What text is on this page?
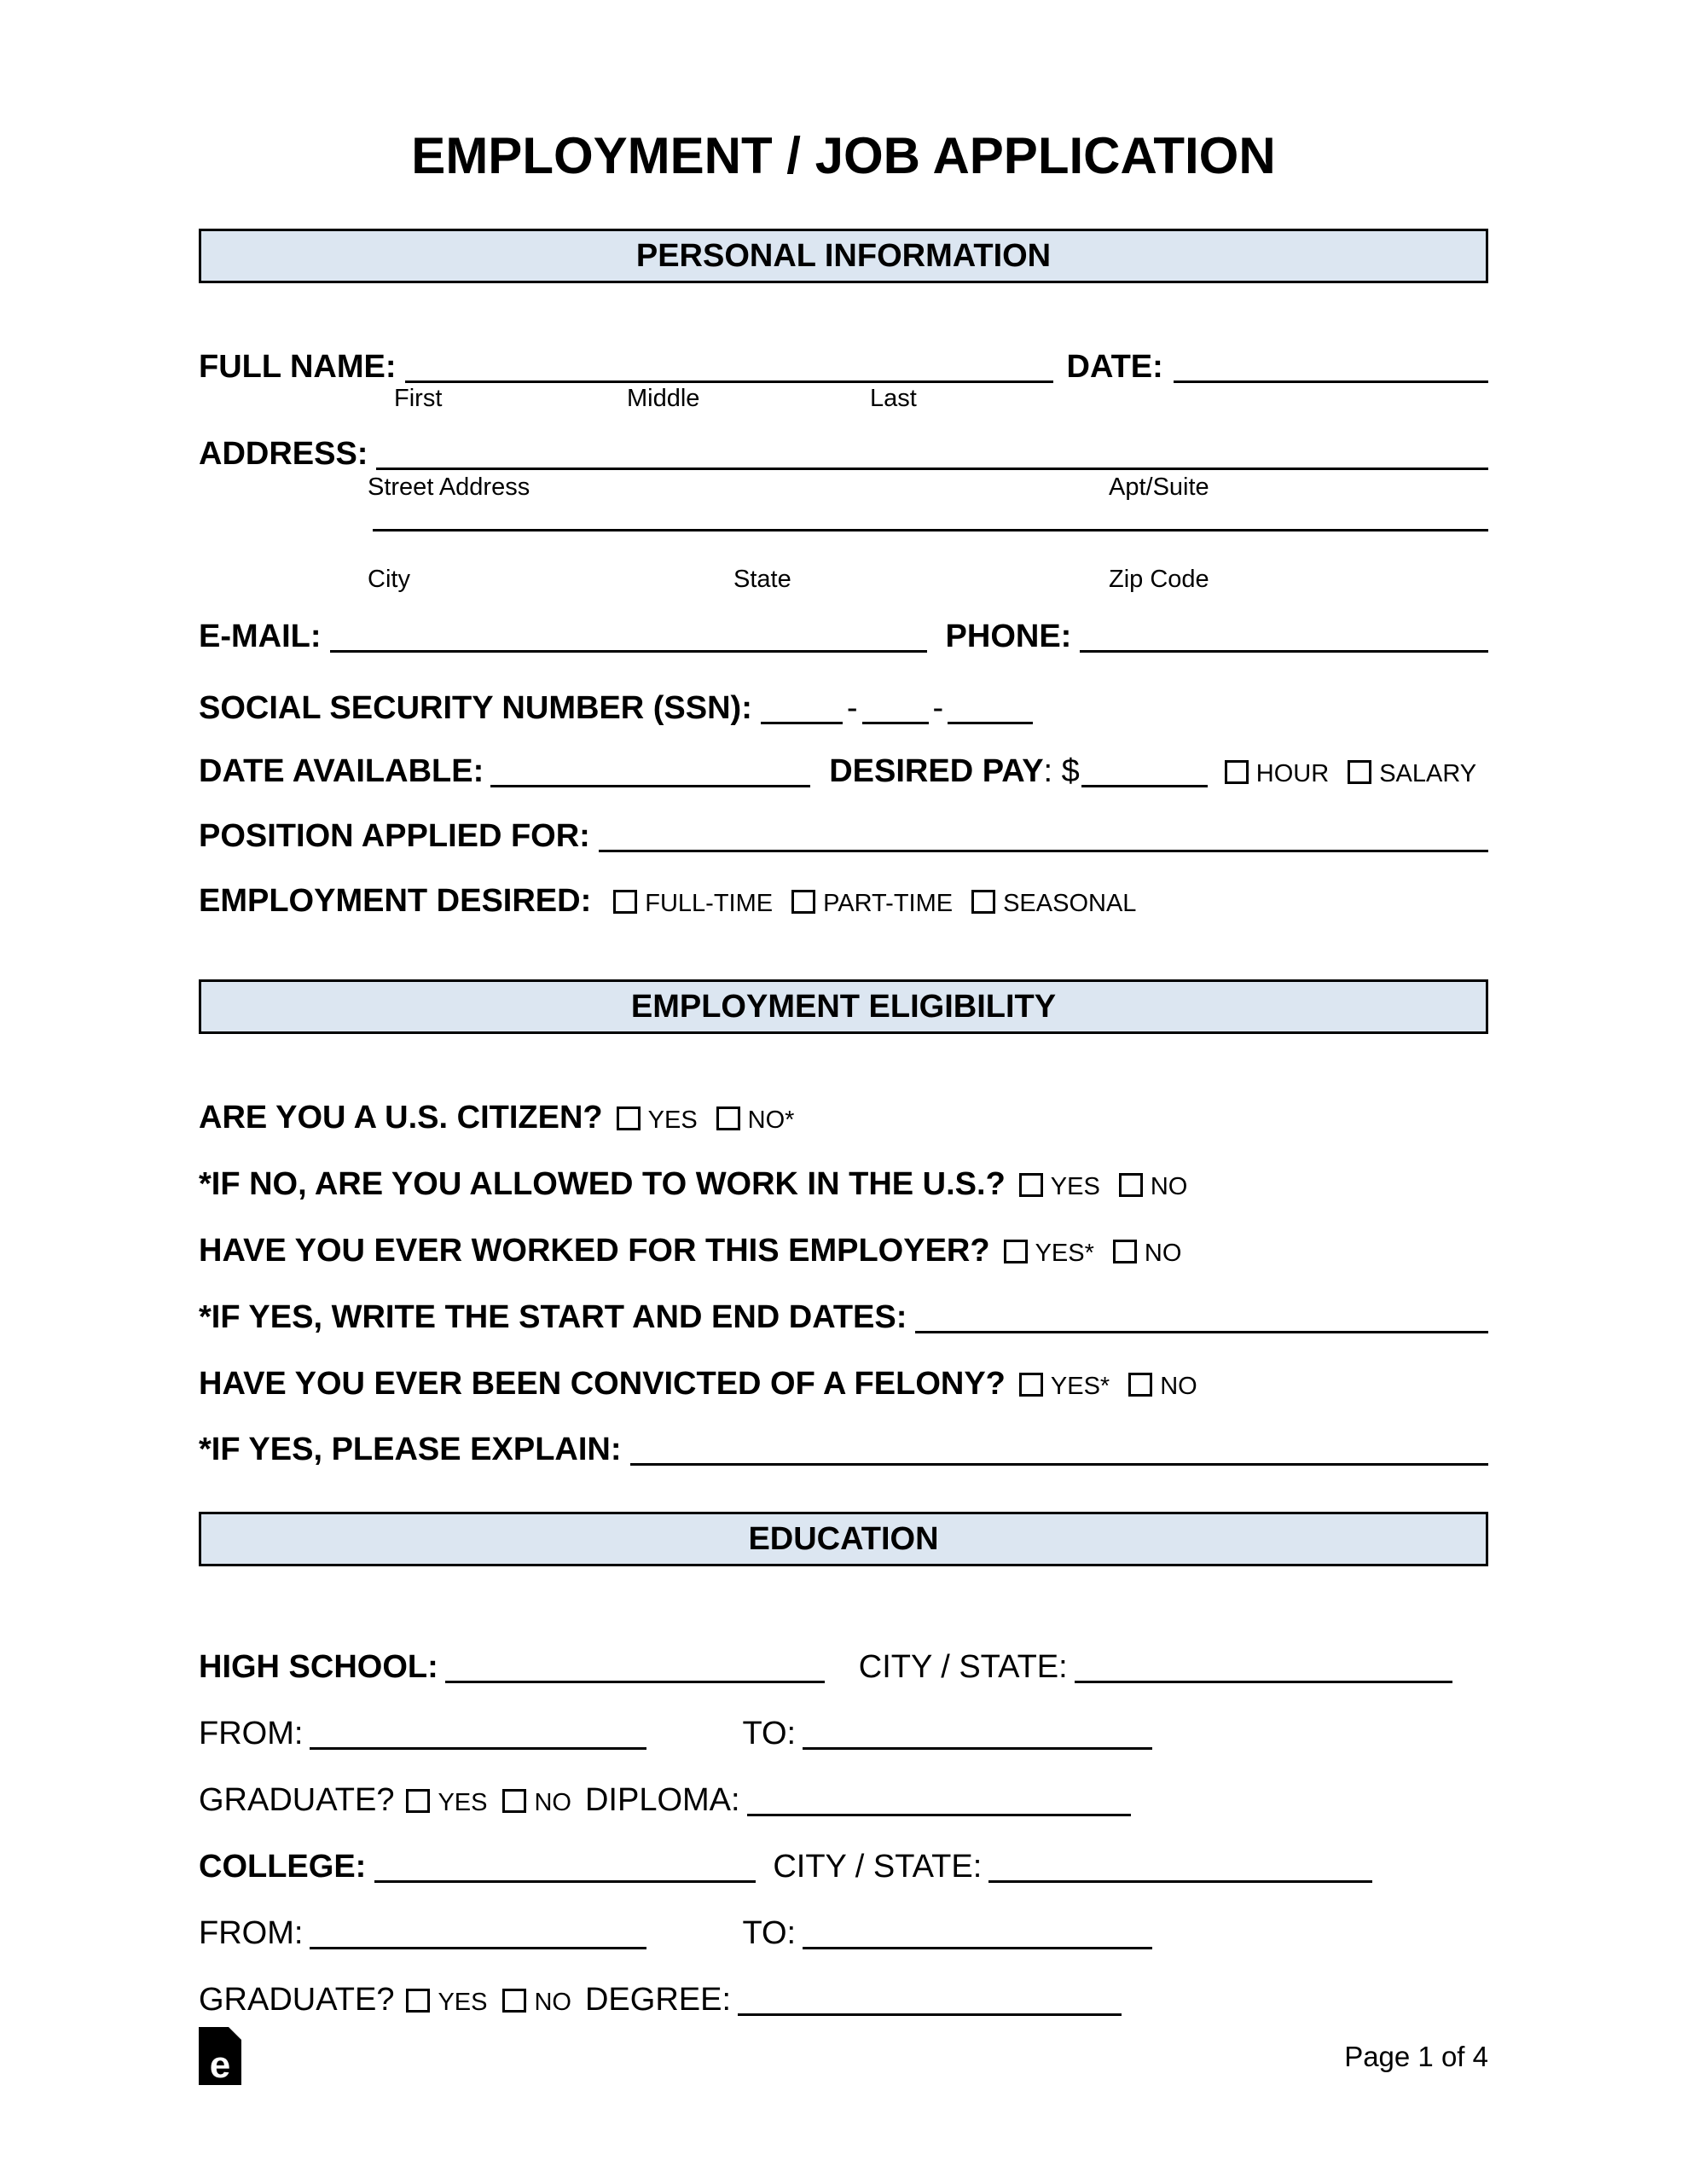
EMPLOYMENT / JOB APPLICATION
PERSONAL INFORMATION
FULL NAME:	DATE:
First	Middle	Last
ADDRESS:
Street Address	Apt/Suite
City	State	Zip Code
E-MAIL:	PHONE:
SOCIAL SECURITY NUMBER (SSN):	- -
DATE AVAILABLE:	DESIRED PAY : $	HOUR SALARY
POSITION APPLIED FOR:
EMPLOYMENT DESIRED: FULL-TIME PART-TIME SEASONAL
EMPLOYMENT ELIGIBILITY
ARE YOU A U.S. CITIZEN? YES NO*
*IF NO, ARE YOU ALLOWED TO WORK IN THE U.S.? YES NO
HAVE YOU EVER WORKED FOR THIS EMPLOYER? YES* NO
*IF YES, WRITE THE START AND END DATES:
HAVE YOU EVER BEEN CONVICTED OF A FELONY? YES* NO
*IF YES, PLEASE EXPLAIN:
EDUCATION
HIGH SCHOOL:	CITY / STATE:
FROM:	TO:
GRADUATE? YES NO DIPLOMA:
COLLEGE:	CITY / STATE:
FROM:	TO:
GRADUATE? YES NO DEGREE:
e	Page 1 of 4
